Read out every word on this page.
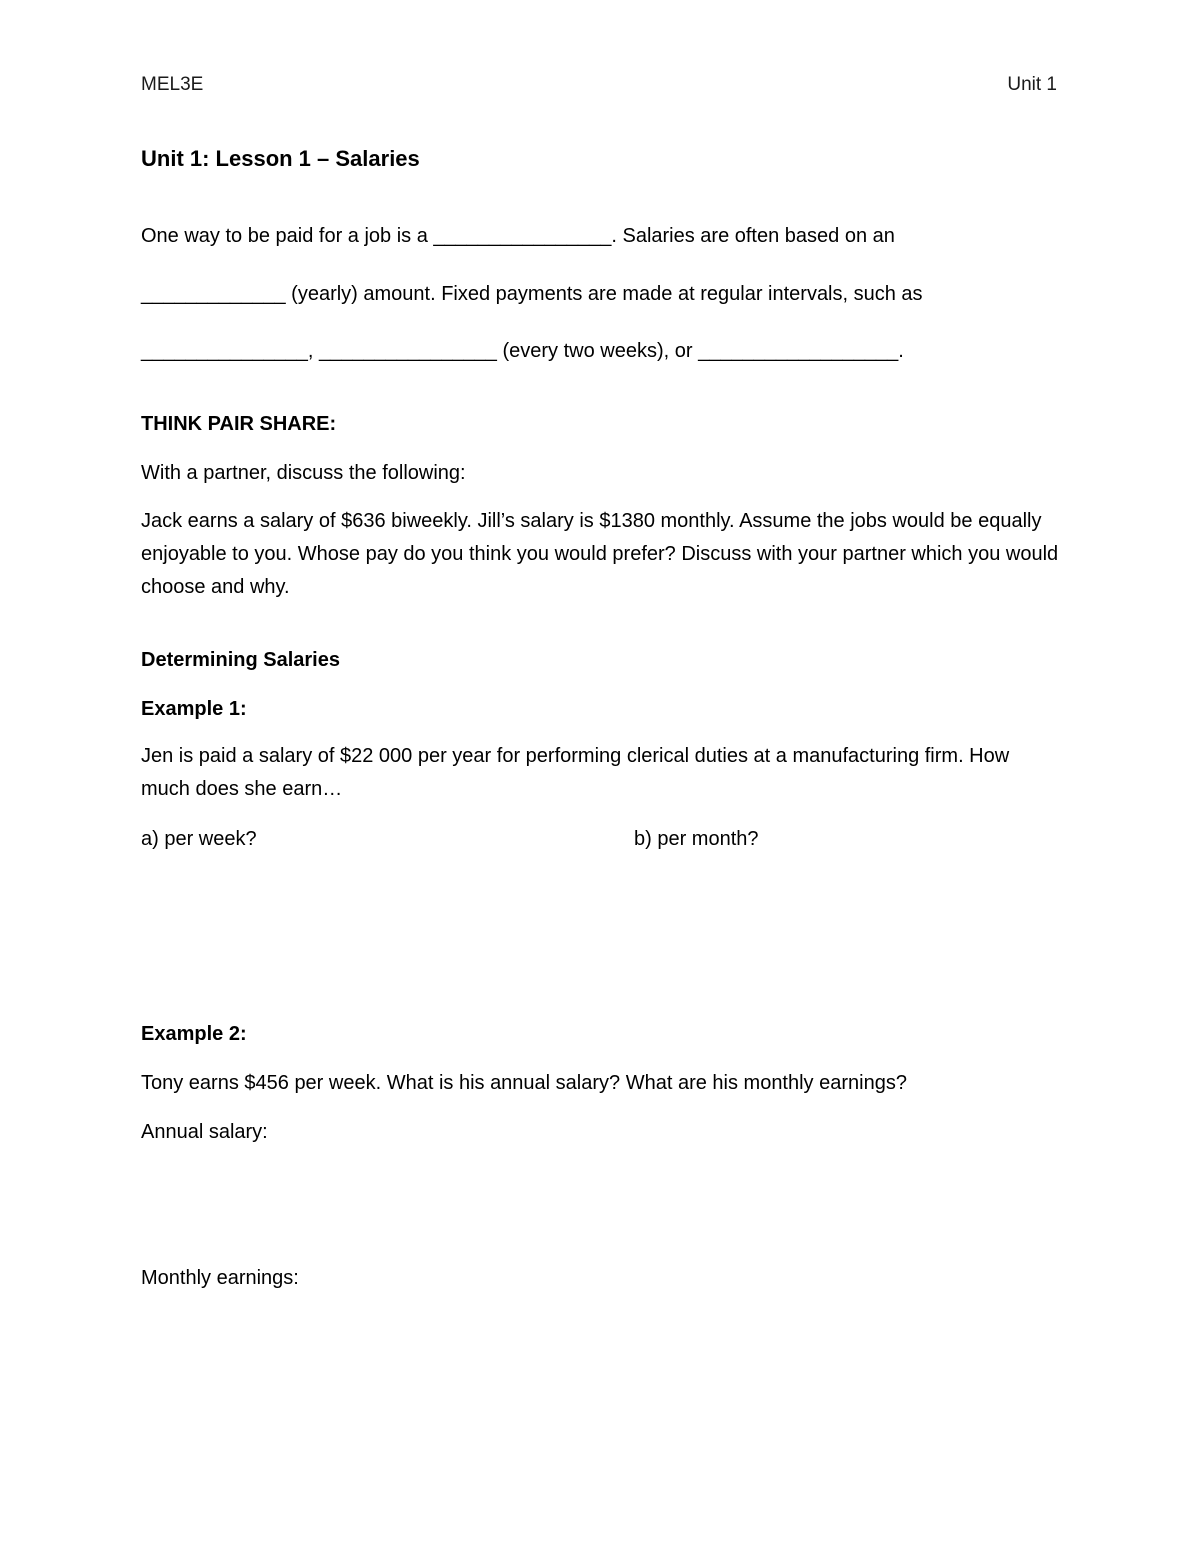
MEL3E	Unit 1
Unit 1: Lesson 1 – Salaries
One way to be paid for a job is a ________________. Salaries are often based on an
_____________ (yearly) amount. Fixed payments are made at regular intervals, such as
_______________, ________________ (every two weeks), or __________________.
THINK PAIR SHARE:
With a partner, discuss the following:
Jack earns a salary of $636 biweekly. Jill’s salary is $1380 monthly. Assume the jobs would be equally enjoyable to you. Whose pay do you think you would prefer? Discuss with your partner which you would choose and why.
Determining Salaries
Example 1:
Jen is paid a salary of $22 000 per year for performing clerical duties at a manufacturing firm. How much does she earn…
a) per week?	b) per month?
Example 2:
Tony earns $456 per week. What is his annual salary? What are his monthly earnings?
Annual salary:
Monthly earnings:
